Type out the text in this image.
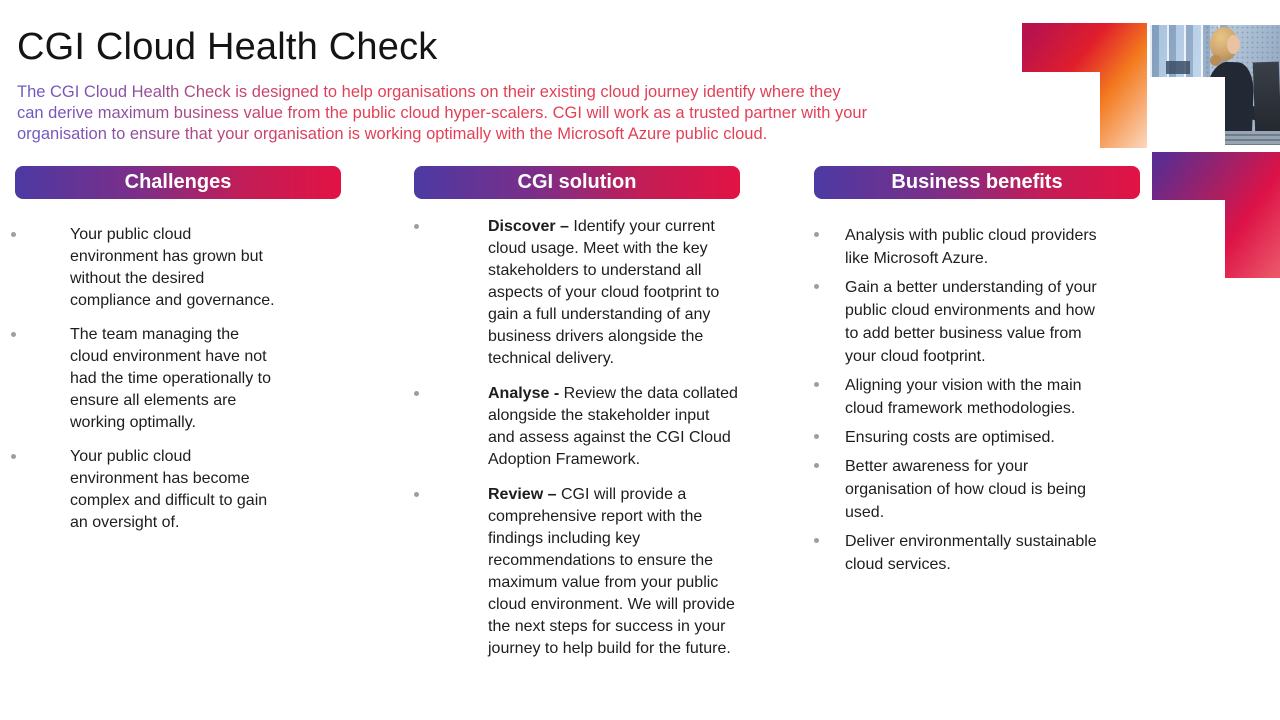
CGI Cloud Health Check
The CGI Cloud Health Check is designed to help organisations on their existing cloud journey identify where they
can derive maximum business value from the public cloud hyper-scalers. CGI will work as a trusted partner with your
organisation to ensure that your organisation is working optimally with the Microsoft Azure public cloud.
Challenges
Your public cloud environment has grown but without the desired compliance and governance.
The team managing the cloud environment have not had the time operationally to ensure all elements are working optimally.
Your public cloud environment has become complex and difficult to gain an oversight of.
CGI solution
Discover – Identify your current cloud usage. Meet with the key stakeholders to understand all aspects of your cloud footprint to gain a full understanding of any business drivers alongside the technical delivery.
Analyse - Review the data collated alongside the stakeholder input and assess against the CGI Cloud Adoption Framework.
Review – CGI will provide a comprehensive report with the findings including key recommendations to ensure the maximum value from your public cloud environment. We will provide the next steps for success in your journey to help build for the future.
Business benefits
Analysis with public cloud providers like Microsoft Azure.
Gain a better understanding of your public cloud environments and how to add better business value from your cloud footprint.
Aligning your vision with the main cloud framework methodologies.
Ensuring costs are optimised.
Better awareness for your organisation of how cloud is being used.
Deliver environmentally sustainable cloud services.
